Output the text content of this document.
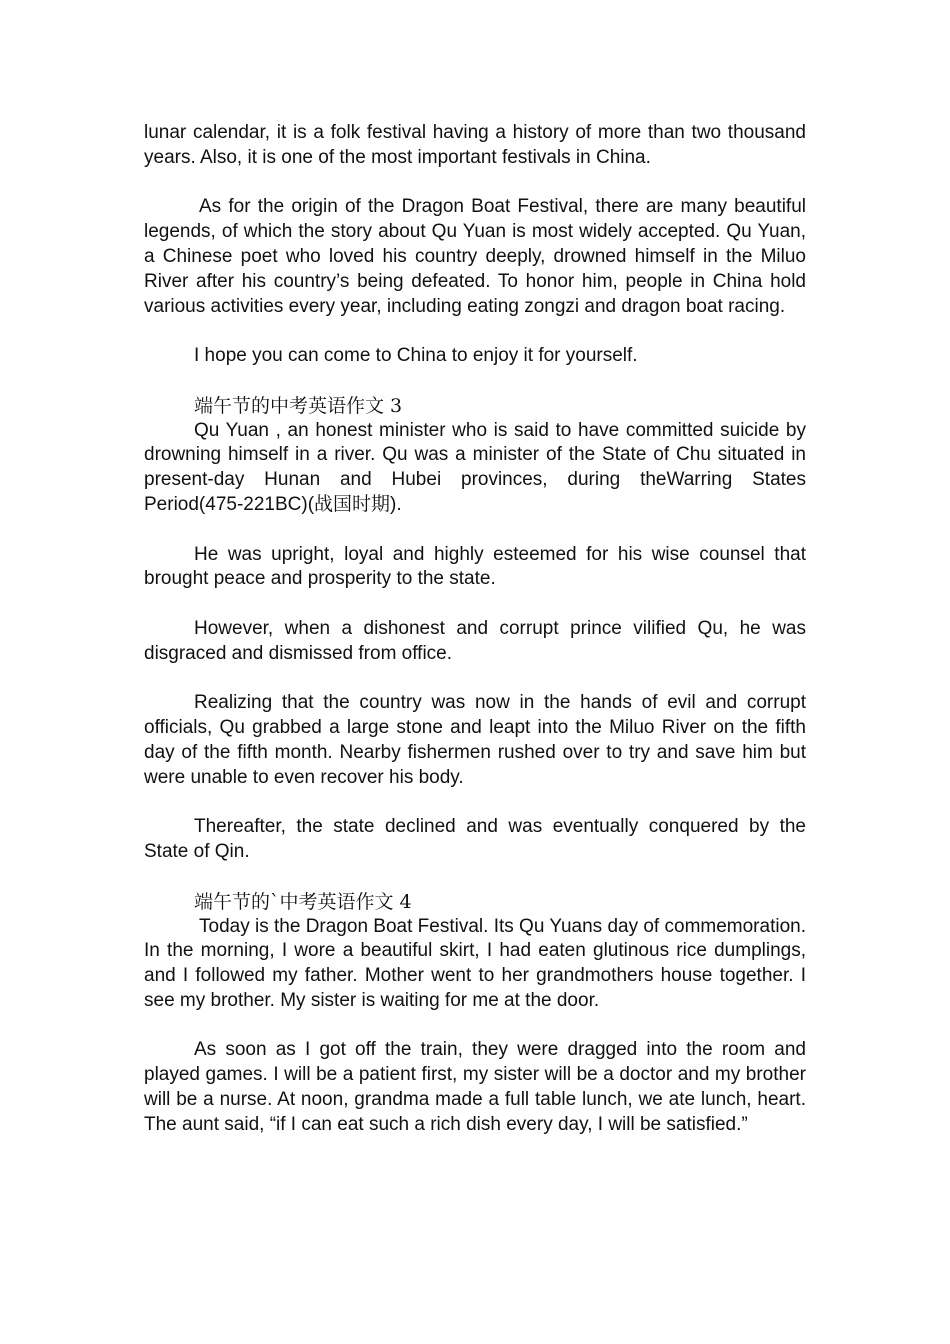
lunar calendar, it is a folk festival having a history of more than two thousand years. Also, it is one of the most important festivals in China.

As for the origin of the Dragon Boat Festival, there are many beautiful legends, of which the story about Qu Yuan is most widely accepted. Qu Yuan, a Chinese poet who loved his country deeply, drowned himself in the Miluo River after his country’s being defeated. To honor him, people in China hold various activities every year, including eating zongzi and dragon boat racing.

I hope you can come to China to enjoy it for yourself.

端午节的中考英语作文 3

Qu Yuan , an honest minister who is said to have committed suicide by drowning himself in a river. Qu was a minister of the State of Chu situated in present-day Hunan and Hubei provinces, during theWarring States Period(475-221BC)(战国时期).

He was upright, loyal and highly esteemed for his wise counsel that brought peace and prosperity to the state.

However, when a dishonest and corrupt prince vilified Qu, he was disgraced and dismissed from office.

Realizing that the country was now in the hands of evil and corrupt officials, Qu grabbed a large stone and leapt into the Miluo River on the fifth day of the fifth month. Nearby fishermen rushed over to try and save him but were unable to even recover his body.

Thereafter, the state declined and was eventually conquered by the State of Qin.

端午节的`中考英语作文 4

Today is the Dragon Boat Festival. Its Qu Yuans day of commemoration. In the morning, I wore a beautiful skirt, I had eaten glutinous rice dumplings, and I followed my father. Mother went to her grandmothers house together. I see my brother. My sister is waiting for me at the door.

As soon as I got off the train, they were dragged into the room and played games. I will be a patient first, my sister will be a doctor and my brother will be a nurse. At noon, grandma made a full table lunch, we ate lunch, heart. The aunt said, “if I can eat such a rich dish every day, I will be satisfied.”
